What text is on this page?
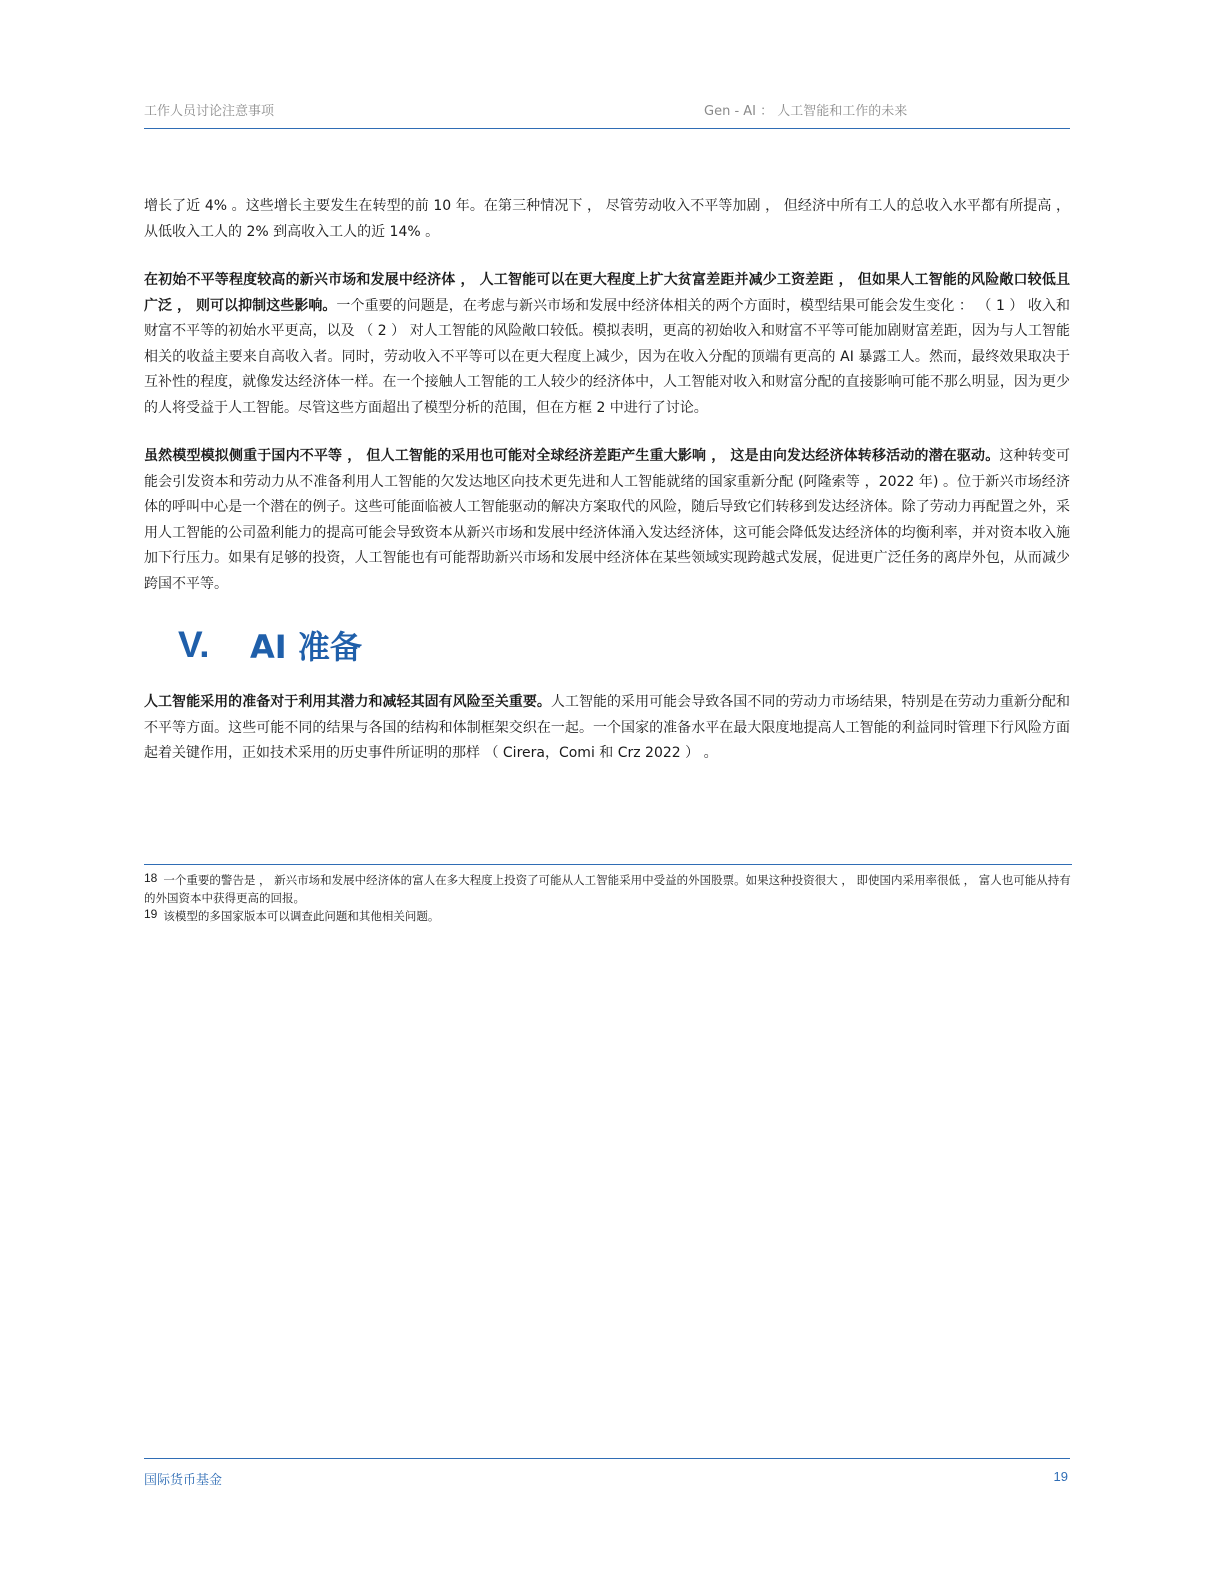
工作人员讨论注意事项	Gen - AI ： 人工智能和工作的未来

增长了近 4% 。这些增长主要发生在转型的前 10 年。在第三种情况下 ， 尽管劳动收入不平等加剧 ， 但经济中所有工人的总收入水平都有所提高 ， 从低收入工人的 2% 到高收入工人的近 14% 。

在初始不平等程度较高的新兴市场和发展中经济体 ， 人工智能可以在更大程度上扩大贫富差距并减少工资差距 ， 但如果人工智能的风险敞口较低且广泛 ， 则可以抑制这些影响。一个重要的问题是，在考虑与新兴市场和发展中经济体相关的两个方面时，模型结果可能会发生变化 ： （ 1 ） 收入和财富不平等的初始水平更高，以及 （ 2 ） 对人工智能的风险敞口较低。模拟表明，更高的初始收入和财富不平等可能加剧财富差距，因为与人工智能相关的收益主要来自高收入者。同时，劳动收入不平等可以在更大程度上减少，因为在收入分配的顶端有更高的 AI 暴露工人。然而，最终效果取决于互补性的程度，就像发达经济体一样。在一个接触人工智能的工人较少的经济体中，人工智能对收入和财富分配的直接影响可能不那么明显，因为更少的人将受益于人工智能。尽管这些方面超出了模型分析的范围，但在方框 2 中进行了讨论。

虽然模型模拟侧重于国内不平等 ， 但人工智能的采用也可能对全球经济差距产生重大影响 ， 这是由向发达经济体转移活动的潜在驱动。这种转变可能会引发资本和劳动力从不准备利用人工智能的欠发达地区向技术更先进和人工智能就绪的国家重新分配 (阿隆索等 ，2022 年) 。位于新兴市场经济体的呼叫中心是一个潜在的例子。这些可能面临被人工智能驱动的解决方案取代的风险，随后导致它们转移到发达经济体。除了劳动力再配置之外，采用人工智能的公司盈利能力的提高可能会导致资本从新兴市场和发展中经济体涌入发达经济体，这可能会降低发达经济体的均衡利率，并对资本收入施加下行压力。如果有足够的投资，人工智能也有可能帮助新兴市场和发展中经济体在某些领域实现跨越式发展，促进更广泛任务的离岸外包，从而减少跨国不平等。

V.	AI 准备

人工智能采用的准备对于利用其潜力和减轻其固有风险至关重要。人工智能的采用可能会导致各国不同的劳动力市场结果，特别是在劳动力重新分配和不平等方面。这些可能不同的结果与各国的结构和体制框架交织在一起。一个国家的准备水平在最大限度地提高人工智能的利益同时管理下行风险方面起着关键作用，正如技术采用的历史事件所证明的那样 （ Cirera，Comi 和 Crz 2022 ） 。

18 一个重要的警告是 ， 新兴市场和发展中经济体的富人在多大程度上投资了可能从人工智能采用中受益的外国股票。如果这种投资很大 ， 即使国内采用率很低 ， 富人也可能从持有的外国资本中获得更高的回报。
19 该模型的多国家版本可以调查此问题和其他相关问题。
国际货币基金	19
